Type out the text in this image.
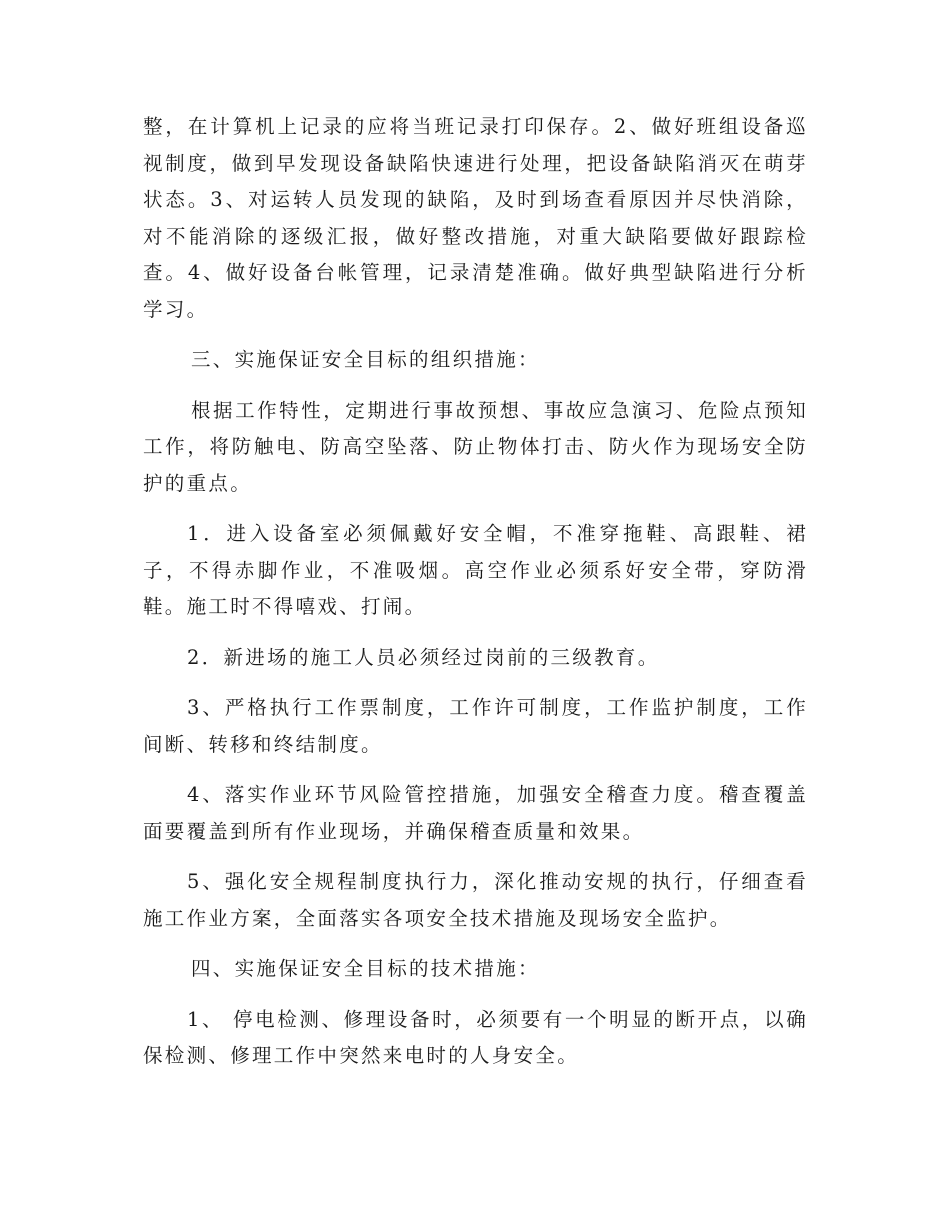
整，在计算机上记录的应将当班记录打印保存。2、做好班组设备巡视制度，做到早发现设备缺陷快速进行处理，把设备缺陷消灭在萌芽状态。3、对运转人员发现的缺陷，及时到场查看原因并尽快消除，对不能消除的逐级汇报，做好整改措施，对重大缺陷要做好跟踪检查。4、做好设备台帐管理，记录清楚准确。做好典型缺陷进行分析学习。

三、实施保证安全目标的组织措施：

根据工作特性，定期进行事故预想、事故应急演习、危险点预知工作，将防触电、防高空坠落、防止物体打击、防火作为现场安全防护的重点。

1．进入设备室必须佩戴好安全帽，不准穿拖鞋、高跟鞋、裙子，不得赤脚作业，不准吸烟。高空作业必须系好安全带，穿防滑鞋。施工时不得嘻戏、打闹。

2．新进场的施工人员必须经过岗前的三级教育。

3、严格执行工作票制度，工作许可制度，工作监护制度，工作间断、转移和终结制度。

4、落实作业环节风险管控措施，加强安全稽查力度。稽查覆盖面要覆盖到所有作业现场，并确保稽查质量和效果。

5、强化安全规程制度执行力，深化推动安规的执行，仔细查看施工作业方案，全面落实各项安全技术措施及现场安全监护。

四、实施保证安全目标的技术措施：

1、 停电检测、修理设备时，必须要有一个明显的断开点，以确保检测、修理工作中突然来电时的人身安全。
